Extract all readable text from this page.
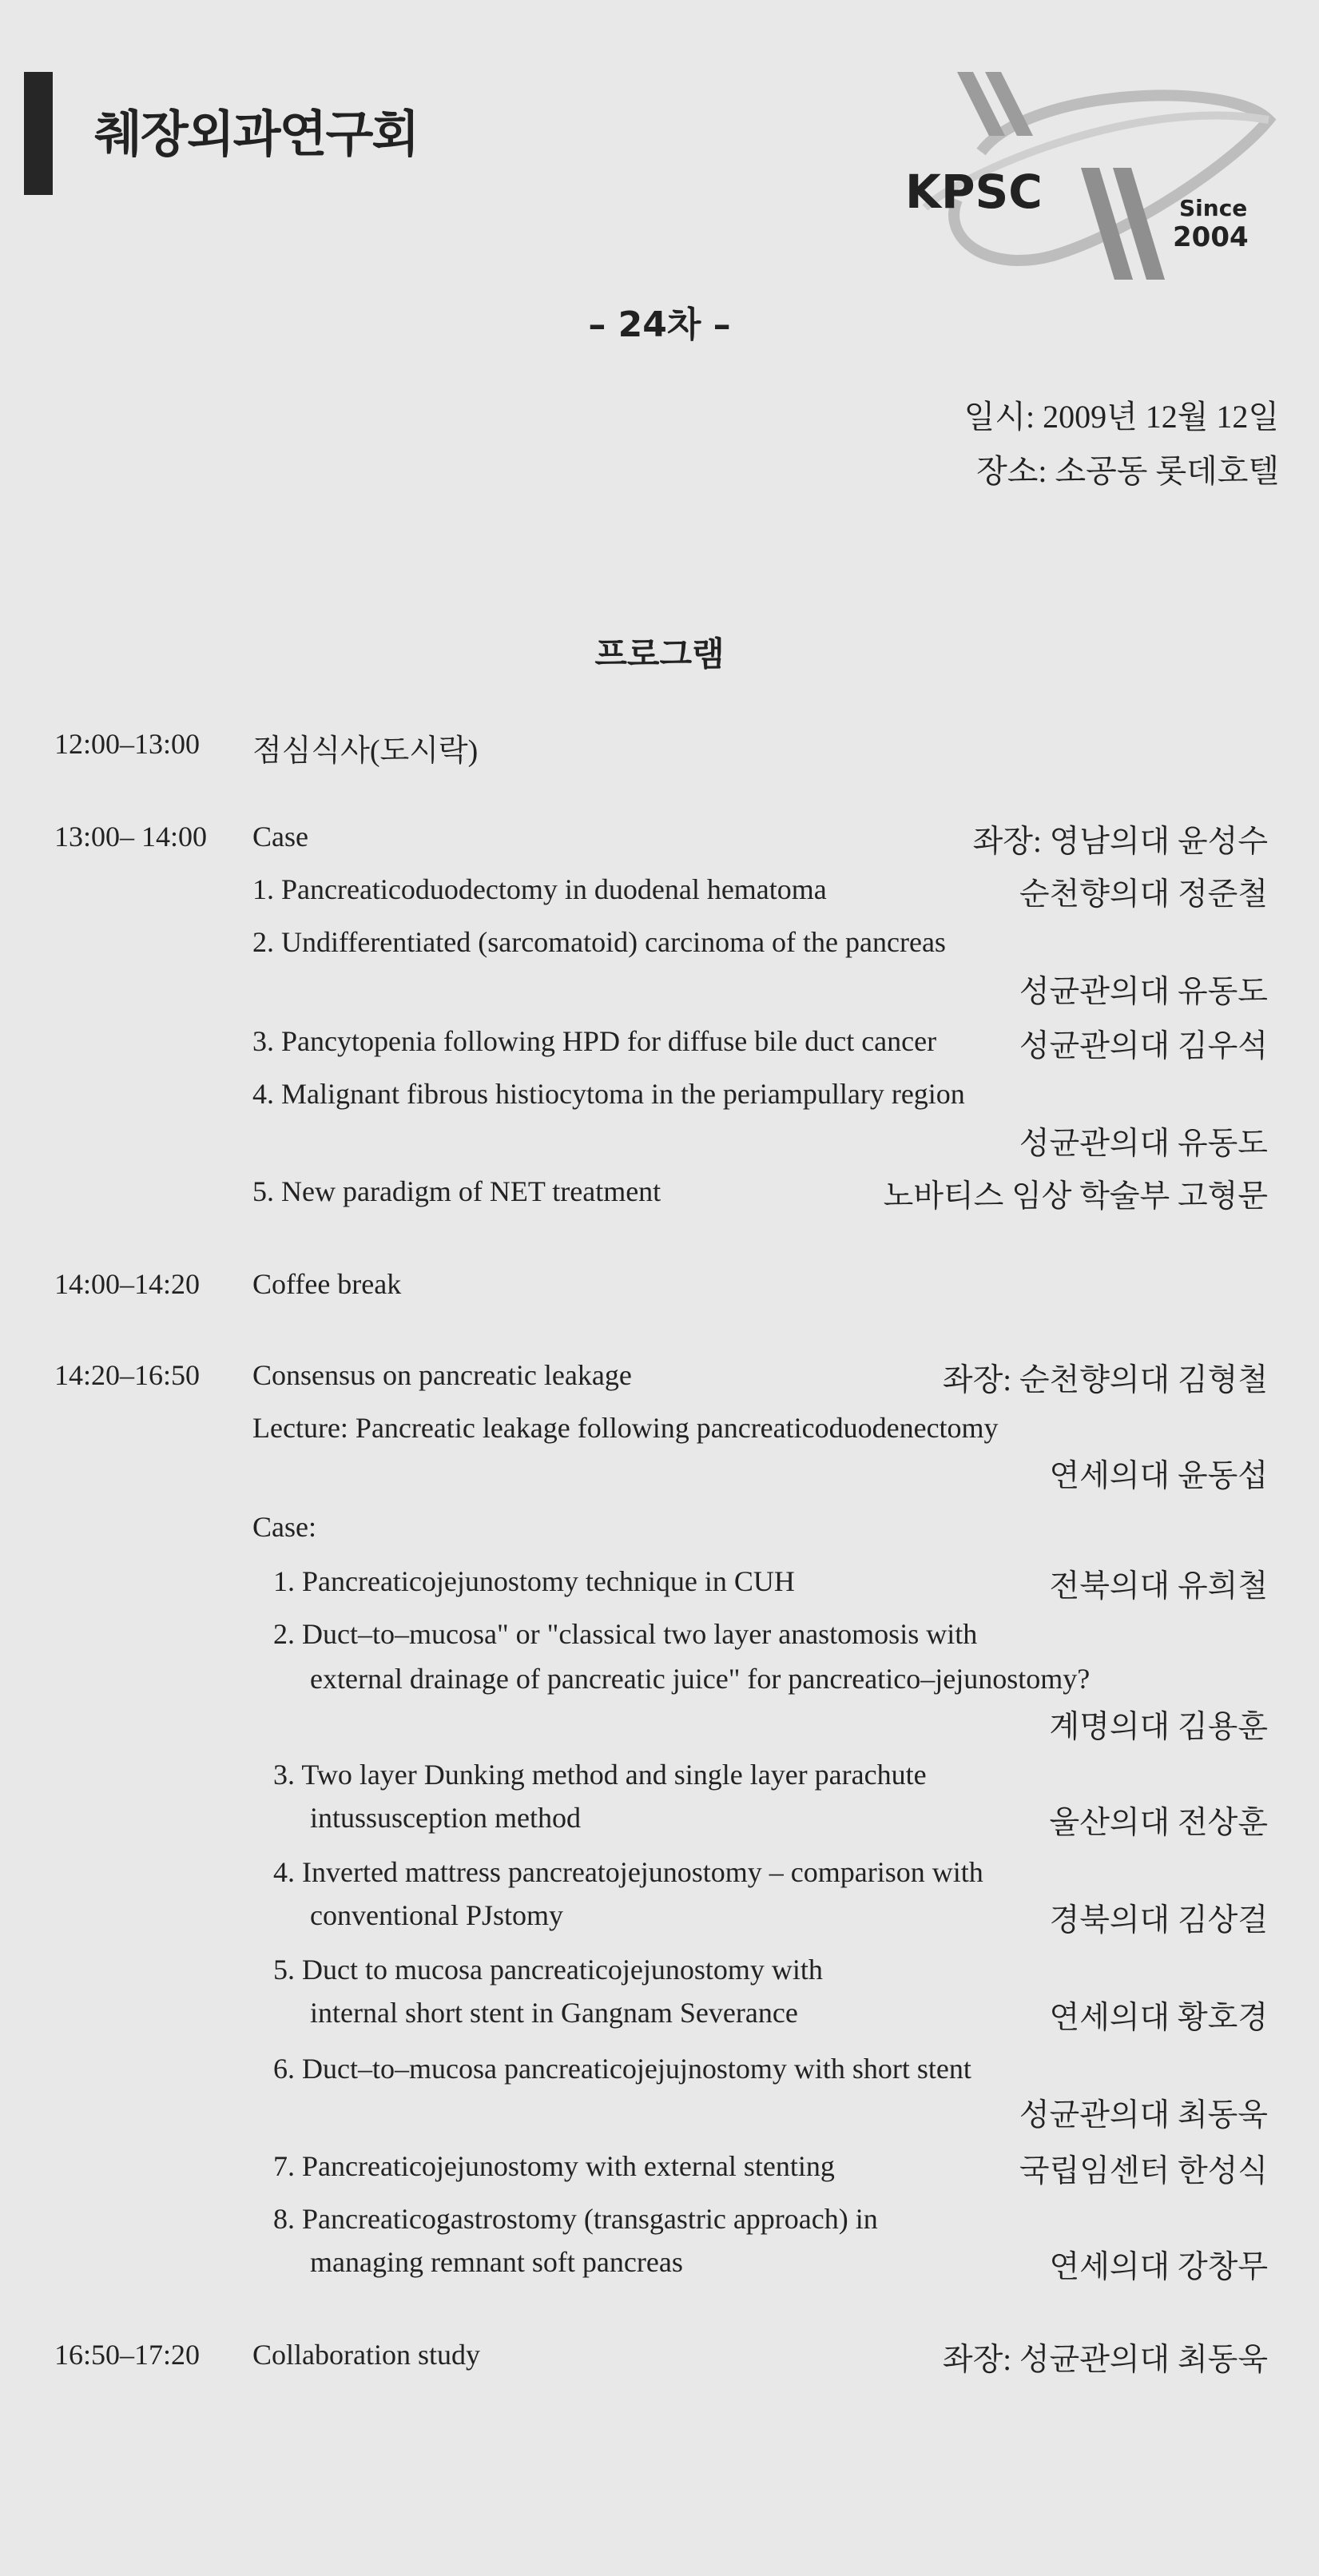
췌장외과연구회
KPSC	Since
2004
– 24차 –
일시: 2009년 12월 12일
장소: 소공동 롯데호텔
프로그램
12:00–13:00 점심식사(도시락)
13:00– 14:00 Case	좌장: 영남의대 윤성수
1. Pancreaticoduodectomy in duodenal hematoma	순천향의대 정준철
2. Undifferentiated (sarcomatoid) carcinoma of the pancreas
성균관의대 유동도
3. Pancytopenia following HPD for diffuse bile duct cancer	성균관의대 김우석
4. Malignant fibrous histiocytoma in the periampullary region
성균관의대 유동도
5. New paradigm of NET treatment	노바티스 임상 학술부 고형문
14:00–14:20 Coffee break
14:20–16:50 Consensus on pancreatic leakage	좌장: 순천향의대 김형철
Lecture: Pancreatic leakage following pancreaticoduodenectomy
연세의대 윤동섭
Case:
1. Pancreaticojejunostomy technique in CUH	전북의대 유희철
2. Duct–to–mucosa" or "classical two layer anastomosis with
external drainage of pancreatic juice" for pancreatico–jejunostomy?
계명의대 김용훈
3. Two layer Dunking method and single layer parachute
intussusception method	울산의대 전상훈
4. Inverted mattress pancreatojejunostomy – comparison with
conventional PJstomy	경북의대 김상걸
5. Duct to mucosa pancreaticojejunostomy with
internal short stent in Gangnam Severance	연세의대 황호경
6. Duct–to–mucosa pancreaticojejujnostomy with short stent
성균관의대 최동욱
7. Pancreaticojejunostomy with external stenting	국립임센터 한성식
8. Pancreaticogastrostomy (transgastric approach) in
managing remnant soft pancreas	연세의대 강창무
16:50–17:20 Collaboration study	좌장: 성균관의대 최동욱
